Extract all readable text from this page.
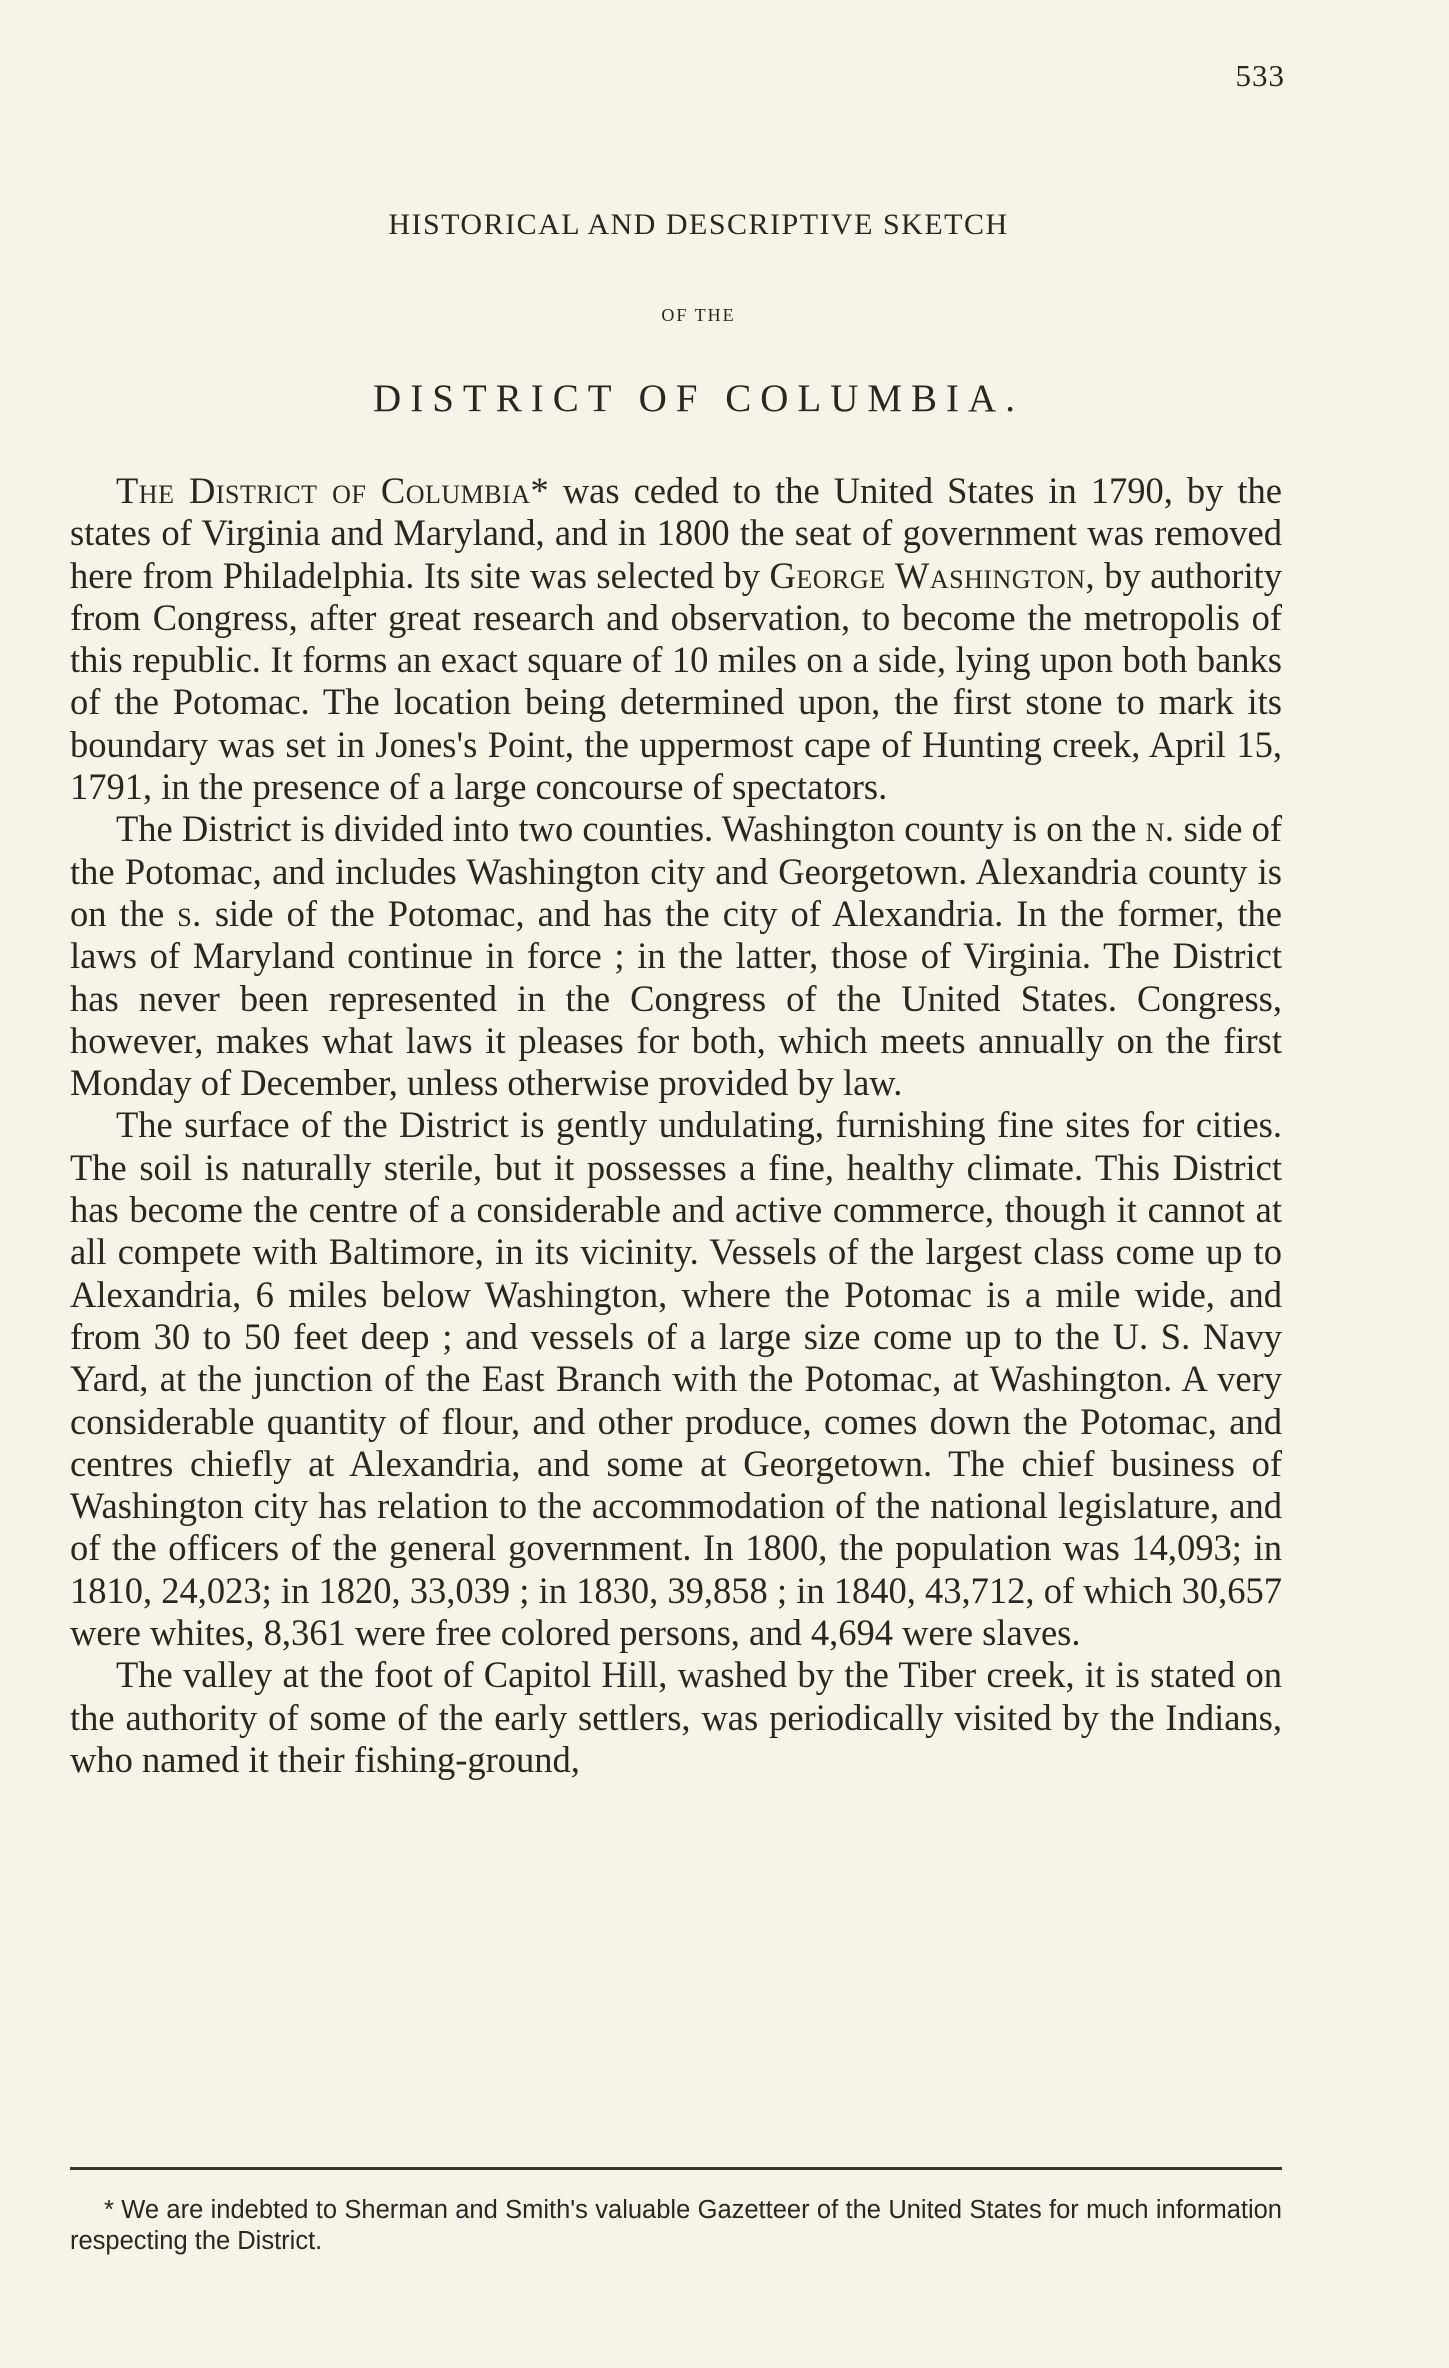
533
HISTORICAL AND DESCRIPTIVE SKETCH
OF THE
DISTRICT OF COLUMBIA.

The District of Columbia* was ceded to the United States in 1790, by the states of Virginia and Maryland, and in 1800 the seat of government was removed here from Philadelphia. Its site was selected by George Washington, by authority from Congress, after great research and observation, to become the metropolis of this republic. It forms an exact square of 10 miles on a side, lying upon both banks of the Potomac. The location being determined upon, the first stone to mark its boundary was set in Jones's Point, the uppermost cape of Hunting creek, April 15, 1791, in the presence of a large concourse of spectators.

The District is divided into two counties. Washington county is on the n. side of the Potomac, and includes Washington city and Georgetown. Alexandria county is on the s. side of the Potomac, and has the city of Alexandria. In the former, the laws of Maryland continue in force ; in the latter, those of Virginia. The District has never been represented in the Congress of the United States. Congress, however, makes what laws it pleases for both, which meets annually on the first Monday of December, unless otherwise provided by law.

The surface of the District is gently undulating, furnishing fine sites for cities. The soil is naturally sterile, but it possesses a fine, healthy climate. This District has become the centre of a considerable and active commerce, though it cannot at all compete with Baltimore, in its vicinity. Vessels of the largest class come up to Alexandria, 6 miles below Washington, where the Potomac is a mile wide, and from 30 to 50 feet deep ; and vessels of a large size come up to the U. S. Navy Yard, at the junction of the East Branch with the Potomac, at Washington. A very considerable quantity of flour, and other produce, comes down the Potomac, and centres chiefly at Alexandria, and some at Georgetown. The chief business of Washington city has relation to the accommodation of the national legislature, and of the officers of the general government. In 1800, the population was 14,093; in 1810, 24,023; in 1820, 33,039 ; in 1830, 39,858 ; in 1840, 43,712, of which 30,657 were whites, 8,361 were free colored persons, and 4,694 were slaves.

The valley at the foot of Capitol Hill, washed by the Tiber creek, it is stated on the authority of some of the early settlers, was periodically visited by the Indians, who named it their fishing-ground,

* We are indebted to Sherman and Smith's valuable Gazetteer of the United States for much information respecting the District.
